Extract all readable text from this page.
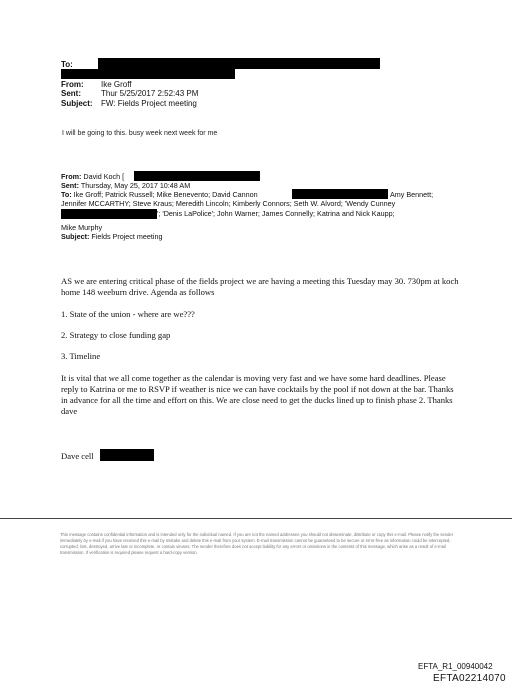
To:
From: Ike Groff
Sent:	Thur 5/25/2017 2:52:43 PM
Subject: FW: Fields Project meeting
I will be going to this. busy week next week for me
From: David Koch [
Sent: Thursday, May 25, 2017 10:48 AM
To: Ike Groff; Patrick Russell; Mike Benevento; David Cannon	Amy Bennett;
Jennifer MCCARTHY; Steve Kraus; Meredith Lincoln; Kimberly Connors; Seth W. Alvord; 'Wendy Cunney
'; 'Denis LaPolice'; John Warner; James Connelly; Katrina and Nick Kaupp;
Mike Murphy
Subject: Fields Project meeting
AS we are entering critical phase of the fields project we are having a meeting this Tuesday may 30. 730pm at koch home 148 weeburn drive. Agenda as follows
1. State of the union - where are we???
2. Strategy to close funding gap
3. Timeline
It is vital that we all come together as the calendar is moving very fast and we have some hard deadlines. Please reply to Katrina or me to RSVP if weather is nice we can have cocktails by the pool if not down at the bar. Thanks in advance for all the time and effort on this. We are close need to get the ducks lined up to finish phase 2. Thanks dave
Dave cell
This message contains confidential information and is intended only for the individual named. If you are not the named addressee you should not disseminate, distribute or copy this e-mail. Please notify the sender immediately by e-mail if you have received this e-mail by mistake and delete this e-mail from your system. E-mail transmission cannot be guaranteed to be secure or error-free as information could be intercepted, corrupted, lost, destroyed, arrive late or incomplete, or contain viruses. The sender therefore does not accept liability for any errors or omissions in the contents of this message, which arise as a result of e-mail transmission. If verification is required please request a hard-copy version.
EFTA_R1_00940042
EFTA02214070
